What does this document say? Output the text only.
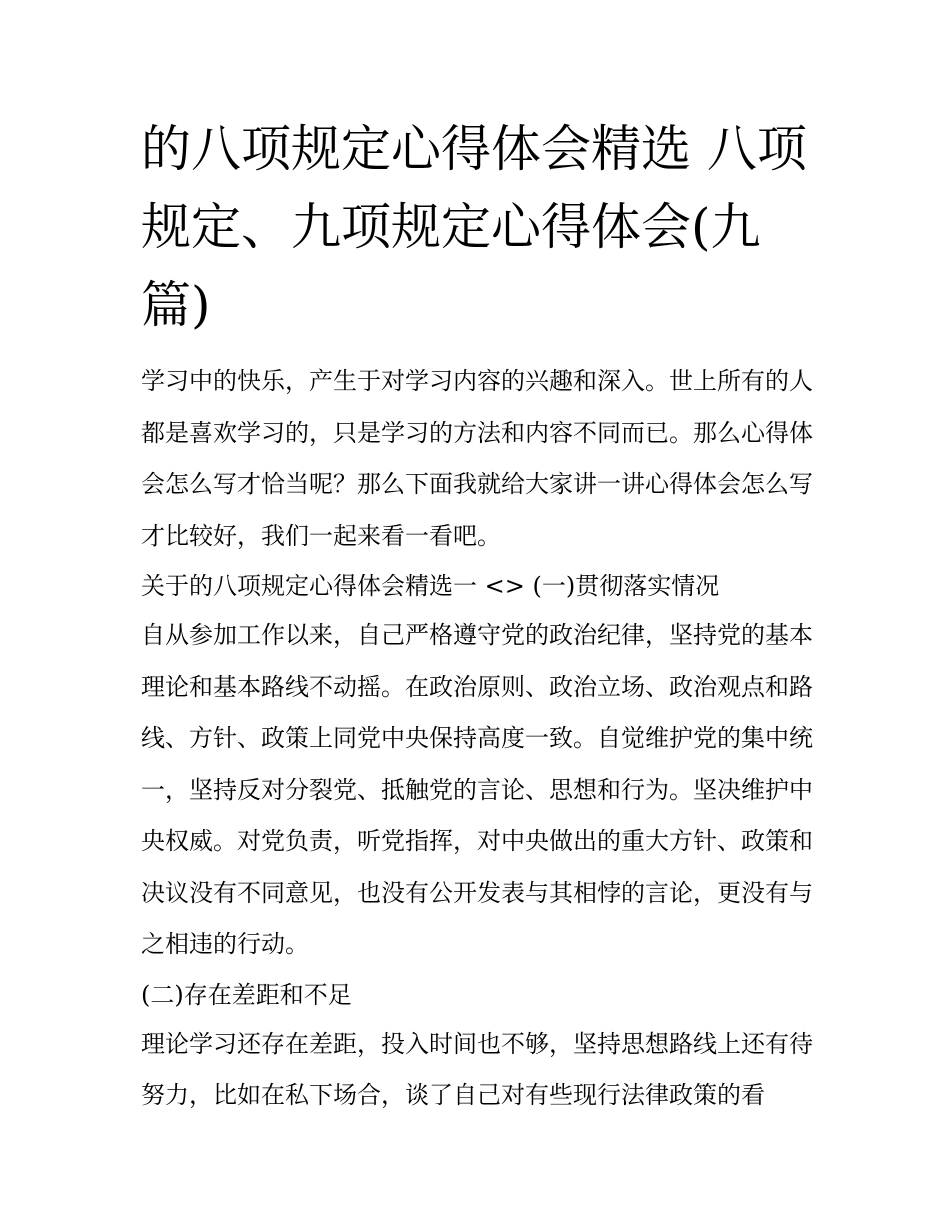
的八项规定心得体会精选 八项规定、九项规定心得体会(九篇)

学习中的快乐，产生于对学习内容的兴趣和深入。世上所有的人都是喜欢学习的，只是学习的方法和内容不同而已。那么心得体会怎么写才恰当呢？那么下面我就给大家讲一讲心得体会怎么写才比较好，我们一起来看一看吧。

关于的八项规定心得体会精选一 <> (一)贯彻落实情况

自从参加工作以来，自己严格遵守党的政治纪律，坚持党的基本理论和基本路线不动摇。在政治原则、政治立场、政治观点和路线、方针、政策上同党中央保持高度一致。自觉维护党的集中统一，坚持反对分裂党、抵触党的言论、思想和行为。坚决维护中央权威。对党负责，听党指挥，对中央做出的重大方针、政策和决议没有不同意见，也没有公开发表与其相悖的言论，更没有与之相违的行动。

(二)存在差距和不足

理论学习还存在差距，投入时间也不够，坚持思想路线上还有待努力，比如在私下场合，谈了自己对有些现行法律政策的看
